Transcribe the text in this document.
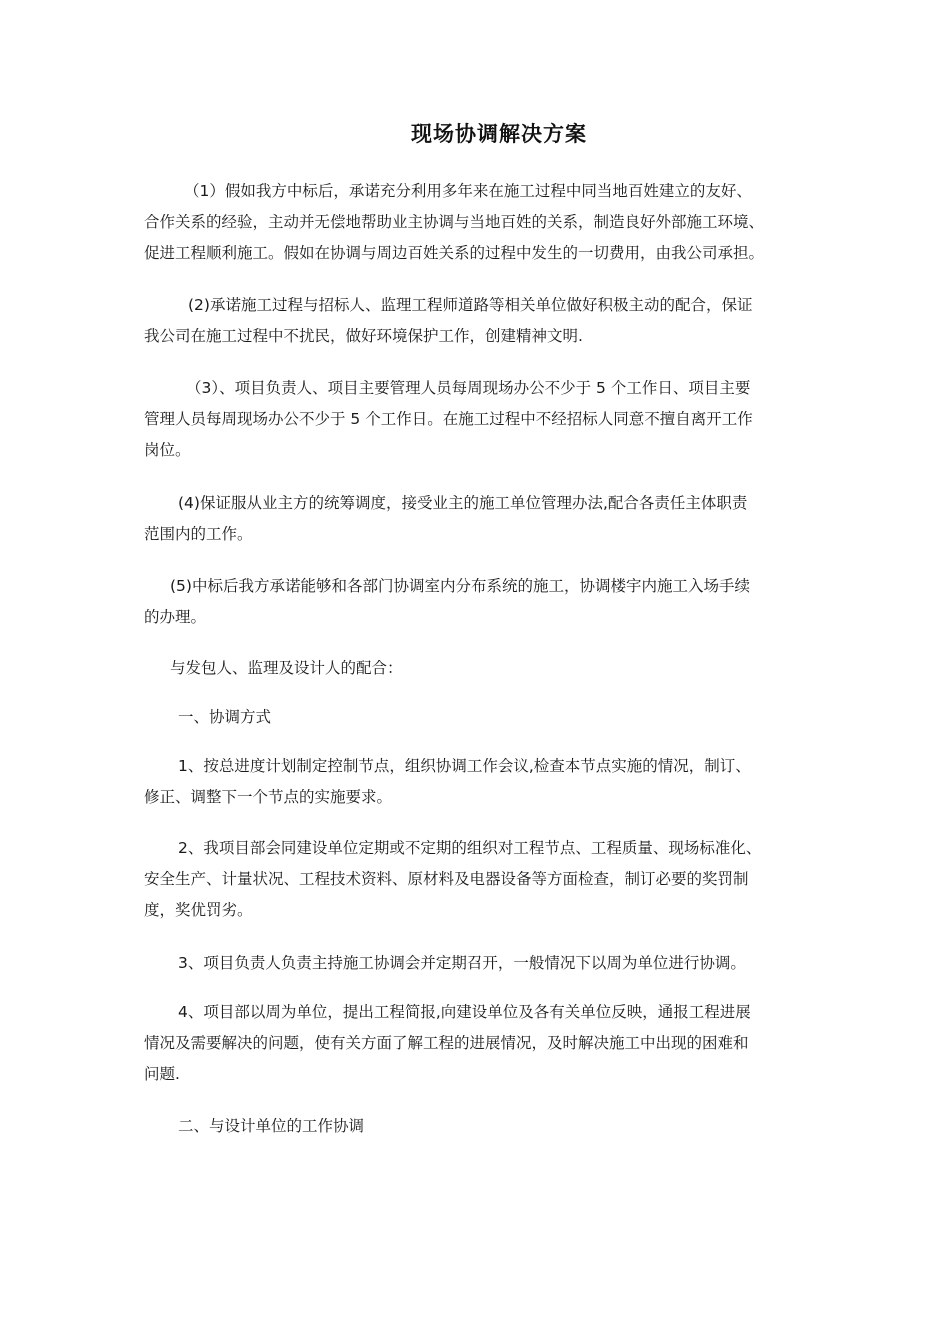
现场协调解决方案
（1）假如我方中标后，承诺充分利用多年来在施工过程中同当地百姓建立的友好、
合作关系的经验，主动并无偿地帮助业主协调与当地百姓的关系，制造良好外部施工环境、
促进工程顺利施工。假如在协调与周边百姓关系的过程中发生的一切费用，由我公司承担。
(2)承诺施工过程与招标人、监理工程师道路等相关单位做好积极主动的配合，保证
我公司在施工过程中不扰民，做好环境保护工作，创建精神文明.
（3）、项目负责人、项目主要管理人员每周现场办公不少于 5 个工作日、项目主要
管理人员每周现场办公不少于 5 个工作日。在施工过程中不经招标人同意不擅自离开工作
岗位。
(4)保证服从业主方的统筹调度，接受业主的施工单位管理办法,配合各责任主体职责
范围内的工作。
(5)中标后我方承诺能够和各部门协调室内分布系统的施工，协调楼宇内施工入场手续
的办理。
与发包人、监理及设计人的配合：
一、协调方式
1、按总进度计划制定控制节点，组织协调工作会议,检查本节点实施的情况，制订、
修正、调整下一个节点的实施要求。
2、我项目部会同建设单位定期或不定期的组织对工程节点、工程质量、现场标准化、
安全生产、计量状况、工程技术资料、原材料及电器设备等方面检查，制订必要的奖罚制
度，奖优罚劣。
3、项目负责人负责主持施工协调会并定期召开，一般情况下以周为单位进行协调。
4、项目部以周为单位，提出工程简报,向建设单位及各有关单位反映，通报工程进展
情况及需要解决的问题，使有关方面了解工程的进展情况，及时解决施工中出现的困难和
问题.
二、与设计单位的工作协调
